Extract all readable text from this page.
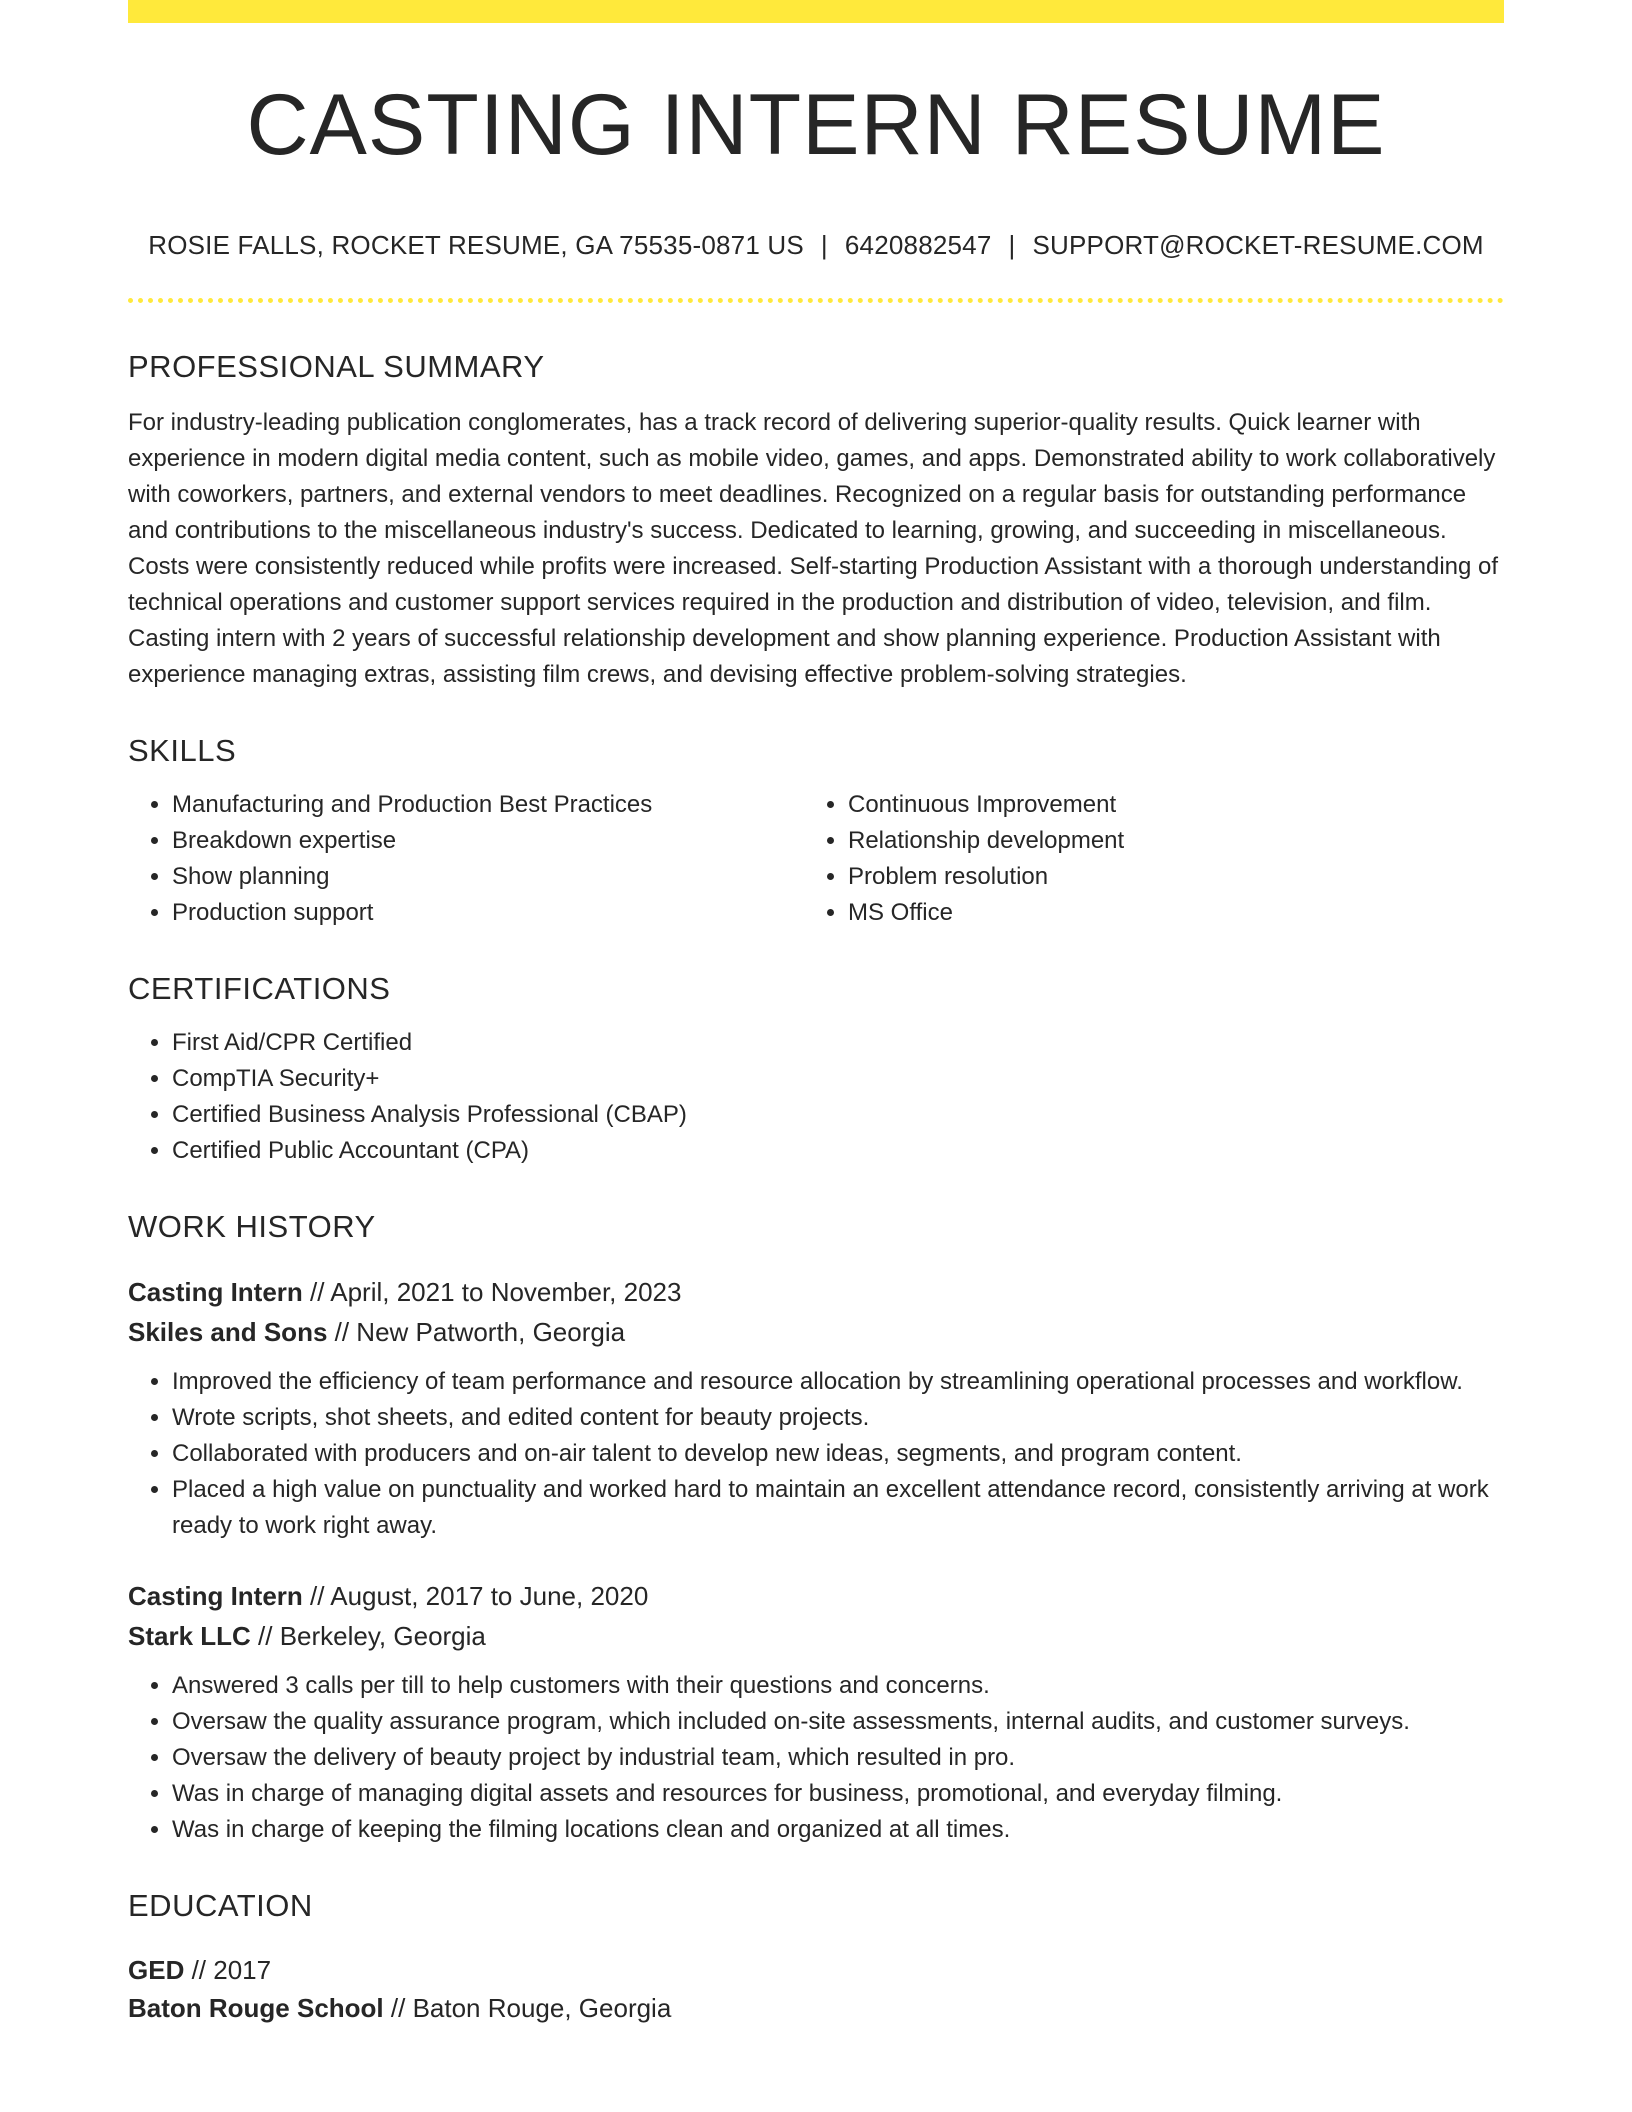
CASTING INTERN RESUME
ROSIE FALLS, ROCKET RESUME, GA 75535-0871 US | 6420882547 | SUPPORT@ROCKET-RESUME.COM
PROFESSIONAL SUMMARY
For industry-leading publication conglomerates, has a track record of delivering superior-quality results. Quick learner with experience in modern digital media content, such as mobile video, games, and apps. Demonstrated ability to work collaboratively with coworkers, partners, and external vendors to meet deadlines. Recognized on a regular basis for outstanding performance and contributions to the miscellaneous industry's success. Dedicated to learning, growing, and succeeding in miscellaneous. Costs were consistently reduced while profits were increased. Self-starting Production Assistant with a thorough understanding of technical operations and customer support services required in the production and distribution of video, television, and film. Casting intern with 2 years of successful relationship development and show planning experience. Production Assistant with experience managing extras, assisting film crews, and devising effective problem-solving strategies.
SKILLS
• Manufacturing and Production Best Practices
• Breakdown expertise
• Show planning
• Production support
• Continuous Improvement
• Relationship development
• Problem resolution
• MS Office
CERTIFICATIONS
• First Aid/CPR Certified
• CompTIA Security+
• Certified Business Analysis Professional (CBAP)
• Certified Public Accountant (CPA)
WORK HISTORY
Casting Intern // April, 2021 to November, 2023
Skiles and Sons // New Patworth, Georgia
• Improved the efficiency of team performance and resource allocation by streamlining operational processes and workflow.
• Wrote scripts, shot sheets, and edited content for beauty projects.
• Collaborated with producers and on-air talent to develop new ideas, segments, and program content.
• Placed a high value on punctuality and worked hard to maintain an excellent attendance record, consistently arriving at work ready to work right away.
Casting Intern // August, 2017 to June, 2020
Stark LLC // Berkeley, Georgia
• Answered 3 calls per till to help customers with their questions and concerns.
• Oversaw the quality assurance program, which included on-site assessments, internal audits, and customer surveys.
• Oversaw the delivery of beauty project by industrial team, which resulted in pro.
• Was in charge of managing digital assets and resources for business, promotional, and everyday filming.
• Was in charge of keeping the filming locations clean and organized at all times.
EDUCATION
GED // 2017
Baton Rouge School // Baton Rouge, Georgia
